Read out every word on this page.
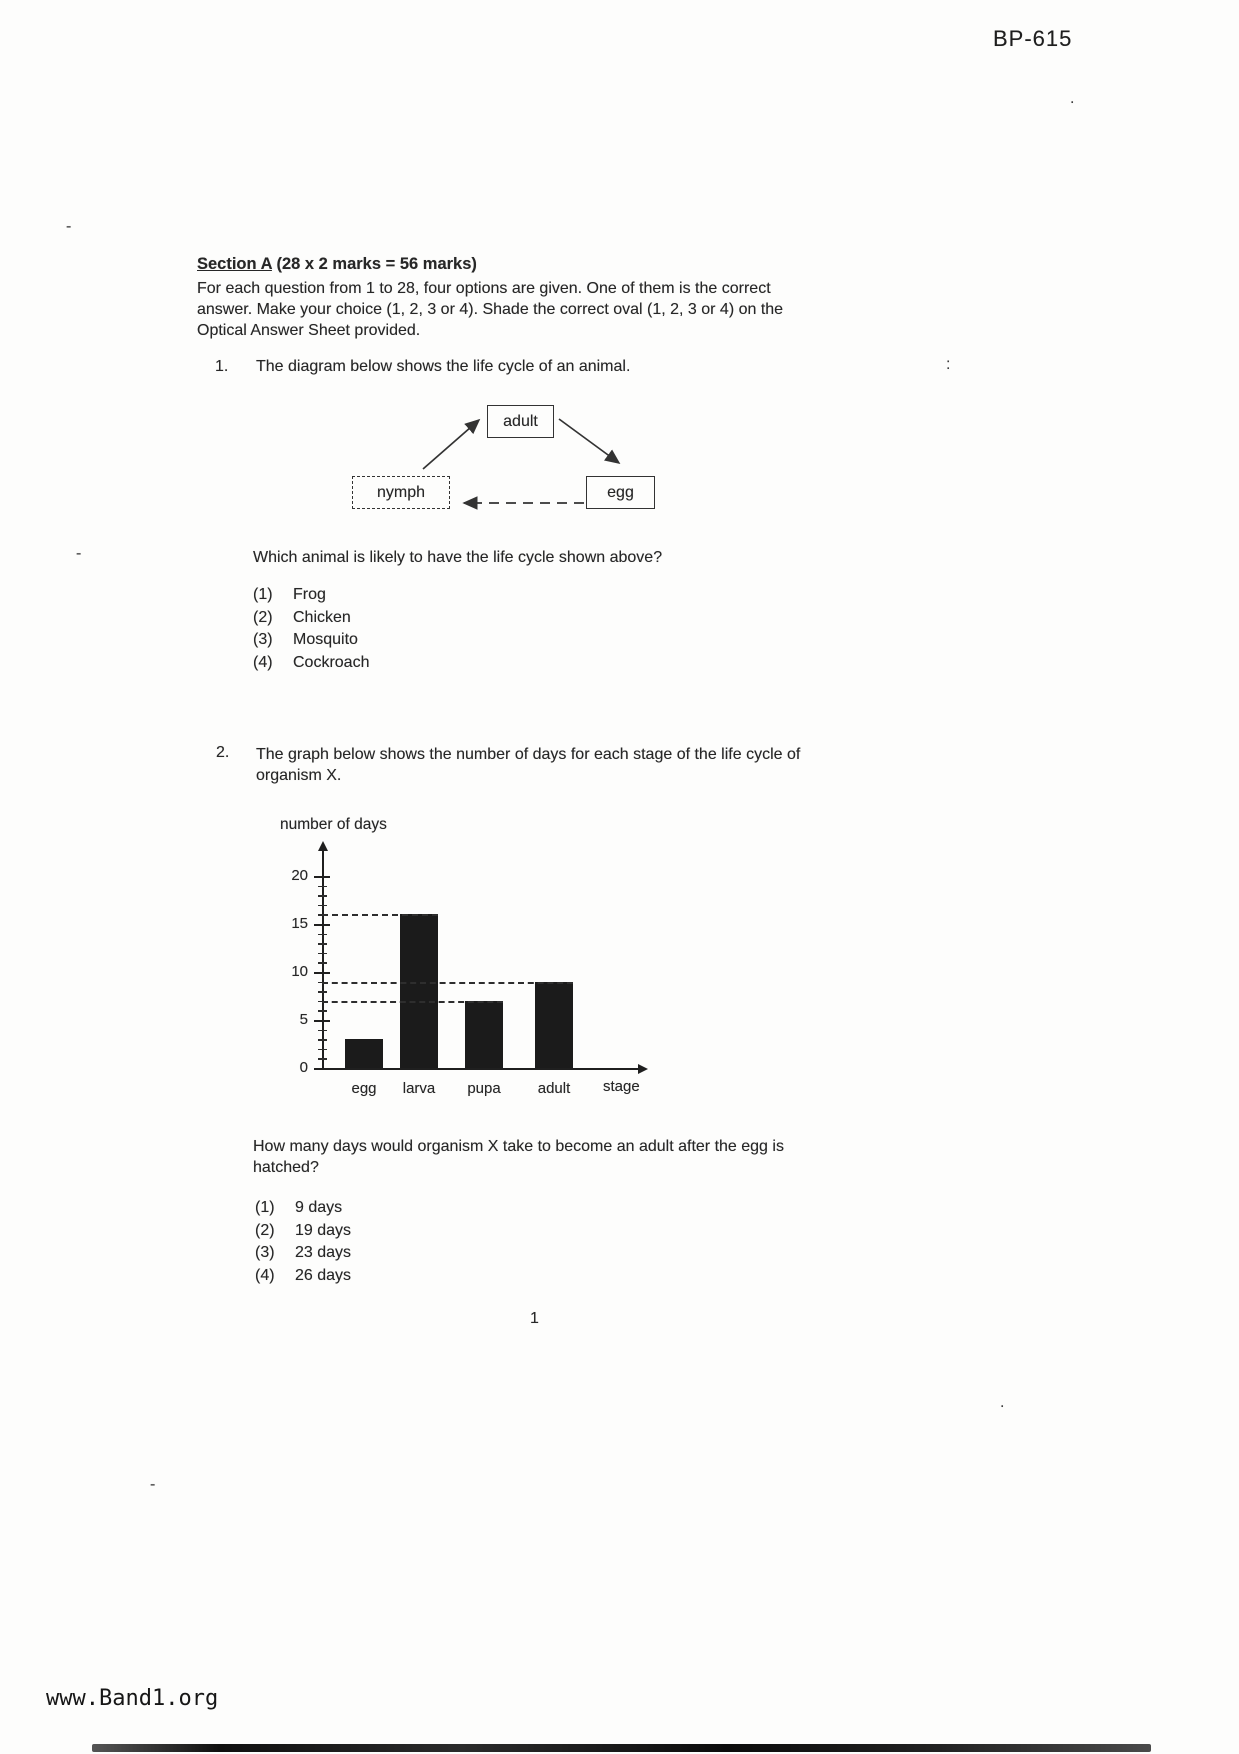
BP-615
-
-
:
.
.
-
Section A (28 x 2 marks = 56 marks)
For each question from 1 to 28, four options are given. One of them is the correct
answer. Make your choice (1, 2, 3 or 4). Shade the correct oval (1, 2, 3 or 4) on the
Optical Answer Sheet provided.
1. The diagram below shows the life cycle of an animal.
adult
nymph	egg
Which animal is likely to have the life cycle shown above?
(1)	Frog
(2)	Chicken
(3)	Mosquito
(4)	Cockroach
2. The graph below shows the number of days for each stage of the life cycle of
organism X.
number of days
stage
5
10
15
20
0
egg	larva	pupa	adult
How many days would organism X take to become an adult after the egg is
hatched?
(1)	9 days
(2)	19 days
(3)	23 days
(4)	26 days
1
www.Band1.org
